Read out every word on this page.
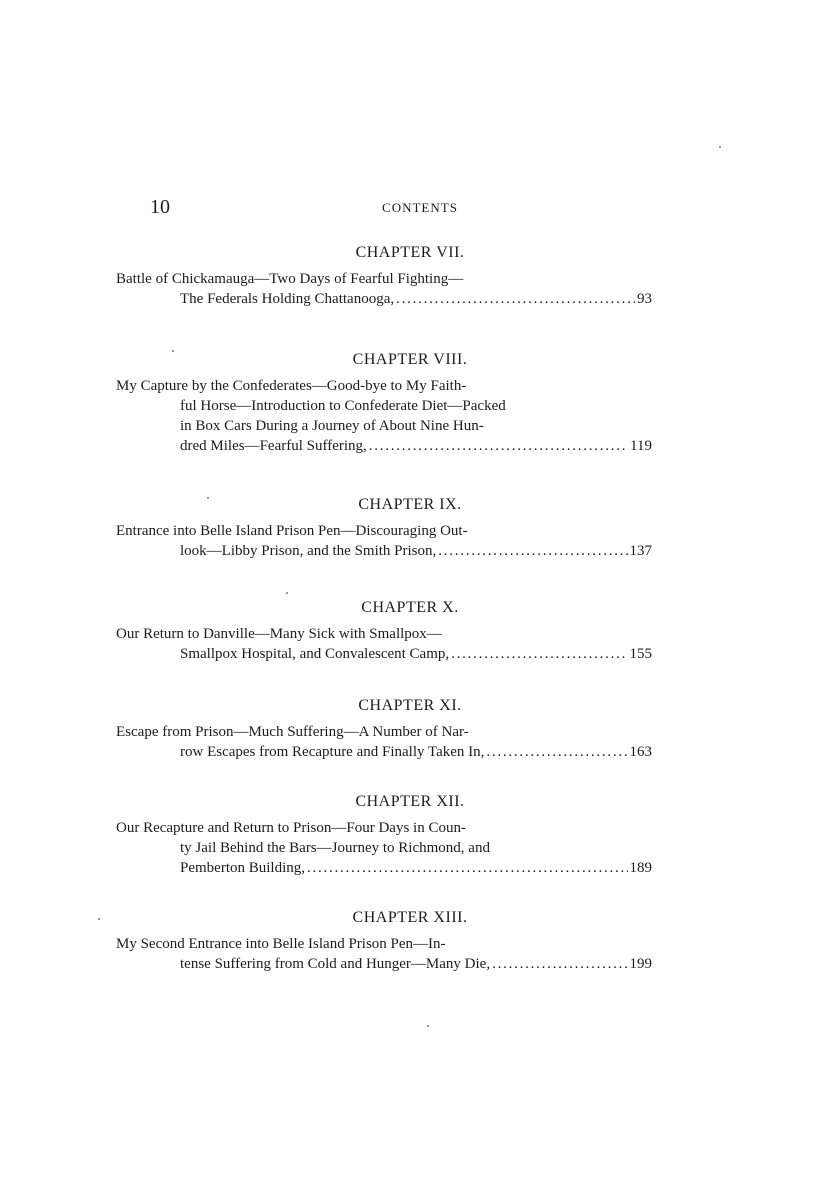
10	CONTENTS
CHAPTER VII.
Battle of Chickamauga—Two Days of Fearful Fighting—
The Federals Holding Chattanooga, . . .	93
CHAPTER VIII.
My Capture by the Confederates—Good-bye to My Faith-
ful Horse—Introduction to Confederate Diet—Packed
in Box Cars During a Journey of About Nine Hun-
dred Miles—Fearful Suffering, . . .	119
CHAPTER IX.
Entrance into Belle Island Prison Pen—Discouraging Out-
look—Libby Prison, and the Smith Prison, . . .	137
CHAPTER X.
Our Return to Danville—Many Sick with Smallpox—
Smallpox Hospital, and Convalescent Camp, . . .	155
CHAPTER XI.
Escape from Prison—Much Suffering—A Number of Nar-
row Escapes from Recapture and Finally Taken In, . . .	163
CHAPTER XII.
Our Recapture and Return to Prison—Four Days in Coun-
ty Jail Behind the Bars—Journey to Richmond, and
Pemberton Building, . . .	189
CHAPTER XIII.
My Second Entrance into Belle Island Prison Pen—In-
tense Suffering from Cold and Hunger—Many Die, . . .	199
